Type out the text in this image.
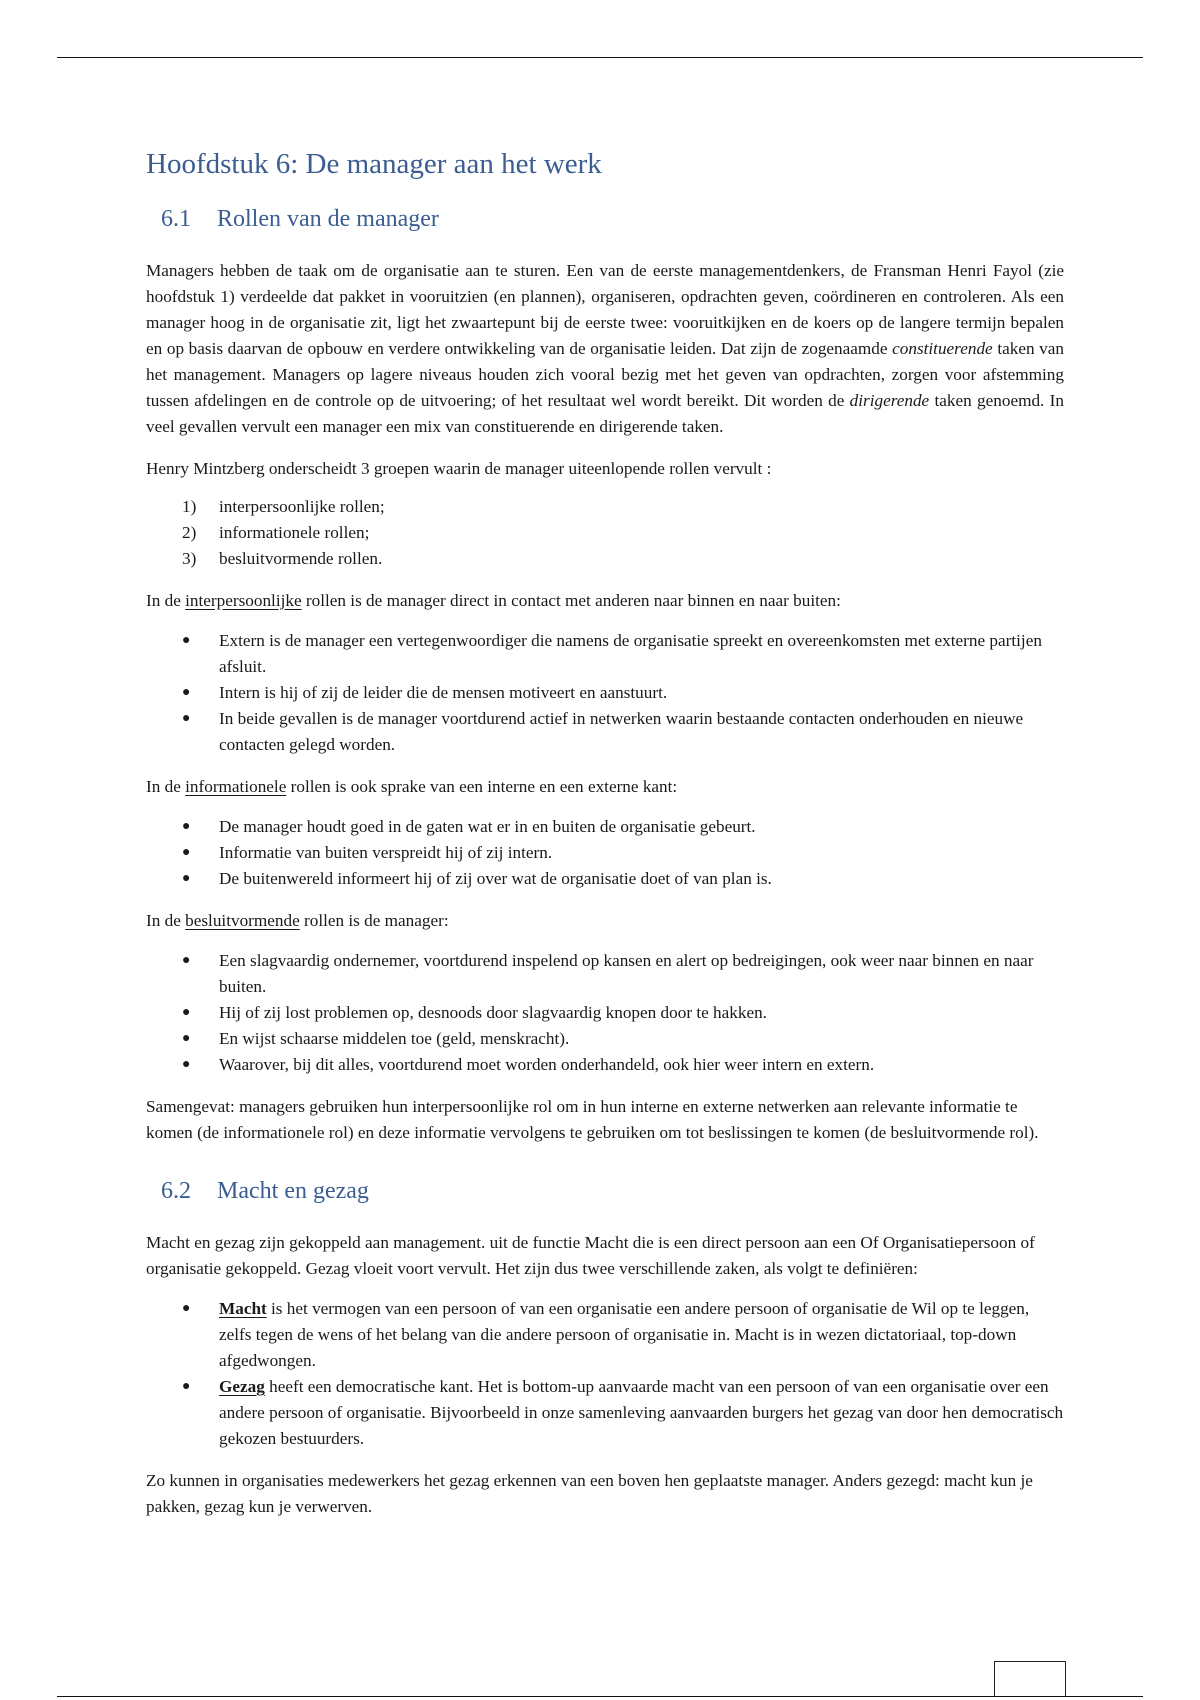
Hoofdstuk 6: De manager aan het werk
6.1 Rollen van de manager

Managers hebben de taak om de organisatie aan te sturen. Een van de eerste managementdenkers, de Fransman Henri Fayol (zie hoofdstuk 1) verdeelde dat pakket in vooruitzien (en plannen), organiseren, opdrachten geven, coördineren en controleren. Als een manager hoog in de organisatie zit, ligt het zwaartepunt bij de eerste twee: vooruitkijken en de koers op de langere termijn bepalen en op basis daarvan de opbouw en verdere ontwikkeling van de organisatie leiden. Dat zijn de zogenaamde constituerende taken van het management. Managers op lagere niveaus houden zich vooral bezig met het geven van opdrachten, zorgen voor afstemming tussen afdelingen en de controle op de uitvoering; of het resultaat wel wordt bereikt. Dit worden de dirigerende taken genoemd. In veel gevallen vervult een manager een mix van constituerende en dirigerende taken.

Henry Mintzberg onderscheidt 3 groepen waarin de manager uiteenlopende rollen vervult :

1) interpersoonlijke rollen;
2) informationele rollen;
3) besluitvormende rollen.

In de interpersoonlijke rollen is de manager direct in contact met anderen naar binnen en naar buiten:

● Extern is de manager een vertegenwoordiger die namens de organisatie spreekt en overeenkomsten met externe partijen afsluit.
● Intern is hij of zij de leider die de mensen motiveert en aanstuurt.
● In beide gevallen is de manager voortdurend actief in netwerken waarin bestaande contacten onderhouden en nieuwe contacten gelegd worden.

In de informationele rollen is ook sprake van een interne en een externe kant:

● De manager houdt goed in de gaten wat er in en buiten de organisatie gebeurt.
● Informatie van buiten verspreidt hij of zij intern.
● De buitenwereld informeert hij of zij over wat de organisatie doet of van plan is.

In de besluitvormende rollen is de manager:

● Een slagvaardig ondernemer, voortdurend inspelend op kansen en alert op bedreigingen, ook weer naar binnen en naar buiten.
● Hij of zij lost problemen op, desnoods door slagvaardig knopen door te hakken.
● En wijst schaarse middelen toe (geld, menskracht).
● Waarover, bij dit alles, voortdurend moet worden onderhandeld, ook hier weer intern en extern.

Samengevat: managers gebruiken hun interpersoonlijke rol om in hun interne en externe netwerken aan relevante informatie te komen (de informationele rol) en deze informatie vervolgens te gebruiken om tot beslissingen te komen (de besluitvormende rol).

6.2 Macht en gezag

Macht en gezag zijn gekoppeld aan management. uit de functie Macht die is een direct persoon aan een Of Organisatiepersoon of organisatie gekoppeld. Gezag vloeit voort vervult. Het zijn dus twee verschillende zaken, als volgt te definiëren:

● Macht is het vermogen van een persoon of van een organisatie een andere persoon of organisatie de Wil op te leggen, zelfs tegen de wens of het belang van die andere persoon of organisatie in. Macht is in wezen dictatoriaal, top-down afgedwongen.
● Gezag heeft een democratische kant. Het is bottom-up aanvaarde macht van een persoon of van een organisatie over een andere persoon of organisatie. Bijvoorbeeld in onze samenleving aanvaarden burgers het gezag van door hen democratisch gekozen bestuurders.

Zo kunnen in organisaties medewerkers het gezag erkennen van een boven hen geplaatste manager. Anders gezegd: macht kun je pakken, gezag kun je verwerven.
